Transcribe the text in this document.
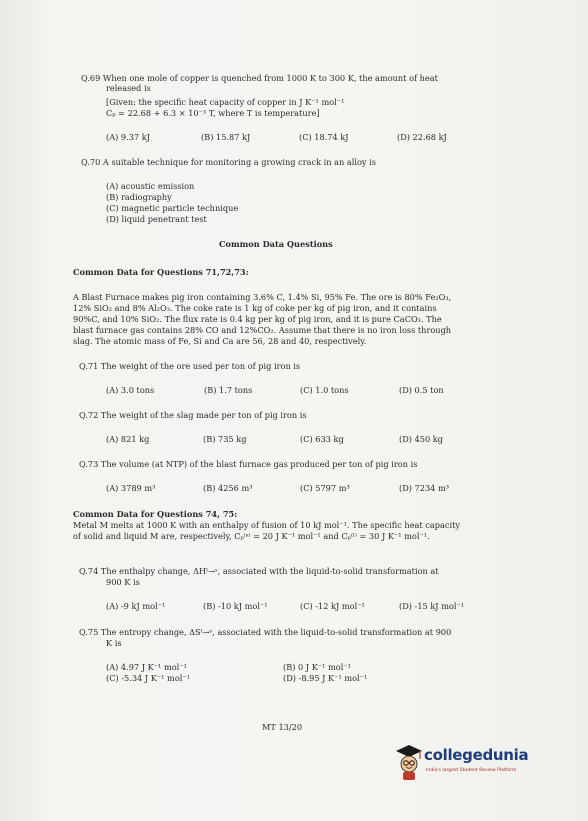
Q.69 When one mole of copper is quenched from 1000 K to 300 K, the amount of heat
released is
[Given: the specific heat capacity of copper in J K⁻¹ mol⁻¹
Cₚ = 22.68 + 6.3 × 10⁻³ T, where T is temperature]
(A) 9.37 kJ	(B) 15.87 kJ	(C) 18.74 kJ	(D) 22.68 kJ
Q.70 A suitable technique for monitoring a growing crack in an alloy is
(A) acoustic emission
(B) radiography
(C) magnetic particle technique
(D) liquid penetrant test
Common Data Questions
Common Data for Questions 71,72,73:
A Blast Furnace makes pig iron containing 3.6% C, 1.4% Si, 95% Fe. The ore is 80% Fe₂O₃,
12% SiO₂ and 8% Al₂O₃. The coke rate is 1 kg of coke per kg of pig iron, and it contains
90%C, and 10% SiO₂. The flux rate is 0.4 kg per kg of pig iron, and it is pure CaCO₃. The
blast furnace gas contains 28% CO and 12%CO₂. Assume that there is no iron loss through
slag. The atomic mass of Fe, Si and Ca are 56, 28 and 40, respectively.
Q.71 The weight of the ore used per ton of pig iron is
(A) 3.0 tons	(B) 1.7 tons	(C) 1.0 tons	(D) 0.5 ton
Q.72 The weight of the slag made per ton of pig iron is
(A) 821 kg	(B) 735 kg	(C) 633 kg	(D) 450 kg
Q.73 The volume (at NTP) of the blast furnace gas produced per ton of pig iron is
(A) 3789 m³	(B) 4256 m³	(C) 5797 m³	(D) 7234 m³
Common Data for Questions 74, 75:
Metal M melts at 1000 K with an enthalpy of fusion of 10 kJ mol⁻¹. The specific heat capacity
of solid and liquid M are, respectively, Cₚ⁽ˢ⁾ = 20 J K⁻¹ mol⁻¹ and Cₚ⁽ˡ⁾ = 30 J K⁻¹ mol⁻¹.
Q.74 The enthalpy change, ΔHˡ→ˢ, associated with the liquid-to-solid transformation at
900 K is
(A) -9 kJ mol⁻¹	(B) -10 kJ mol⁻¹	(C) -12 kJ mol⁻¹	(D) -15 kJ mol⁻¹
Q.75 The entropy change, ΔSˡ→ˢ, associated with the liquid-to-solid transformation at 900
K is
(A) 4.97 J K⁻¹ mol⁻¹	(B) 0 J K⁻¹ mol⁻¹
(C) -5.34 J K⁻¹ mol⁻¹	(D) -8.95 J K⁻¹ mol⁻¹
MT 13/20
collegedunia
India's largest Student Review Platform
